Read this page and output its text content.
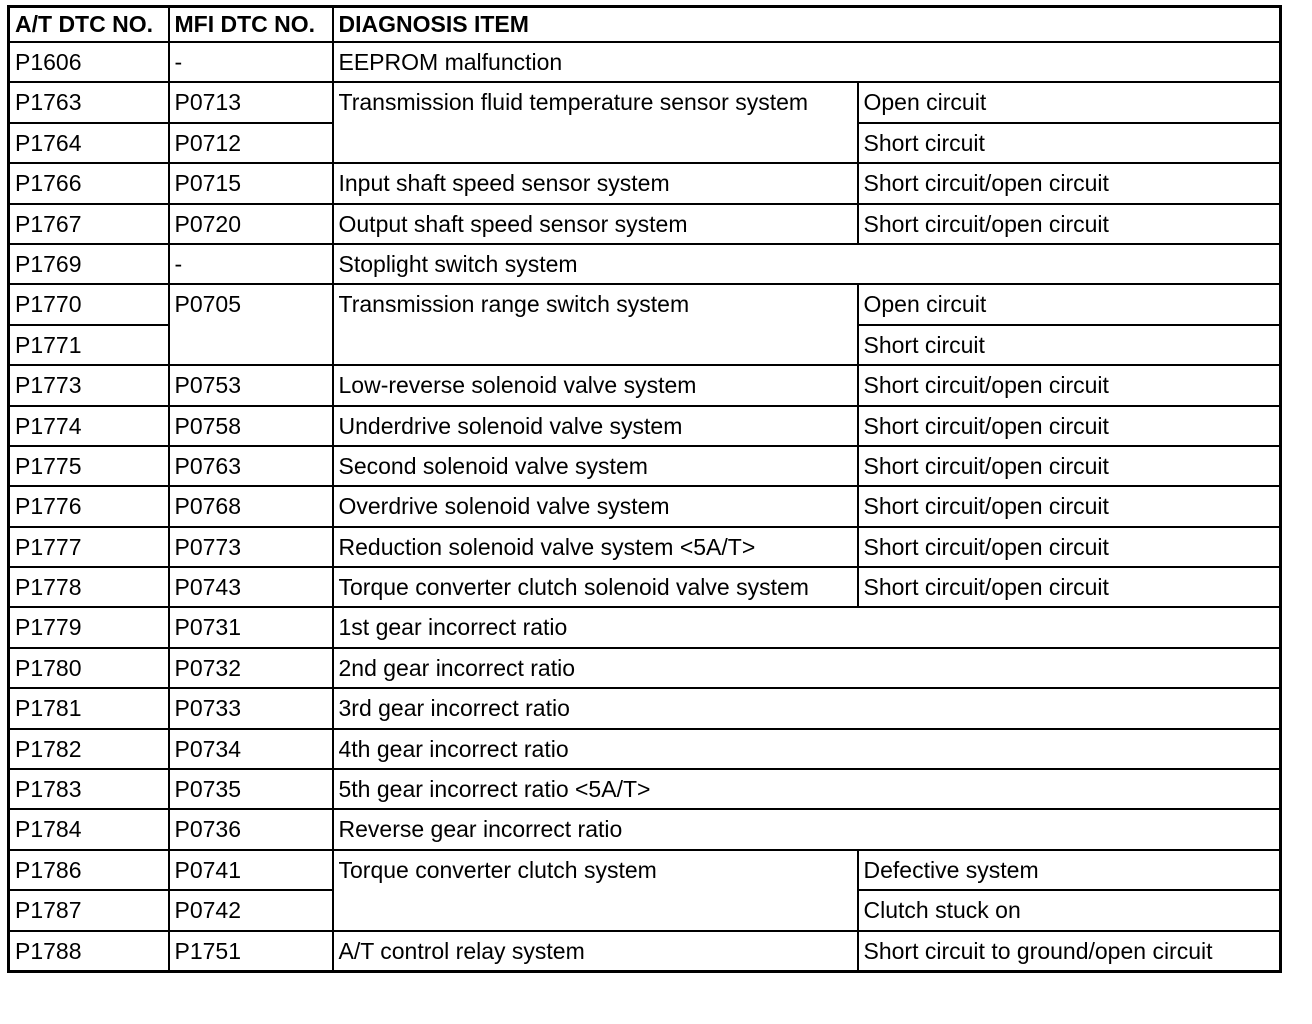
A/T DTC NO.	MFI DTC NO.	DIAGNOSIS ITEM	
P1606	-	EEPROM malfunction	
P1763	P0713	Transmission fluid temperature sensor system	Open circuit
P1764	P0712		Short circuit
P1766	P0715	Input shaft speed sensor system	Short circuit/open circuit
P1767	P0720	Output shaft speed sensor system	Short circuit/open circuit
P1769	-	Stoplight switch system	
P1770	P0705	Transmission range switch system	Open circuit
P1771			Short circuit
P1773	P0753	Low-reverse solenoid valve system	Short circuit/open circuit
P1774	P0758	Underdrive solenoid valve system	Short circuit/open circuit
P1775	P0763	Second solenoid valve system	Short circuit/open circuit
P1776	P0768	Overdrive solenoid valve system	Short circuit/open circuit
P1777	P0773	Reduction solenoid valve system <5A/T>	Short circuit/open circuit
P1778	P0743	Torque converter clutch solenoid valve system	Short circuit/open circuit
P1779	P0731	1st gear incorrect ratio	
P1780	P0732	2nd gear incorrect ratio	
P1781	P0733	3rd gear incorrect ratio	
P1782	P0734	4th gear incorrect ratio	
P1783	P0735	5th gear incorrect ratio <5A/T>	
P1784	P0736	Reverse gear incorrect ratio	
P1786	P0741	Torque converter clutch system	Defective system
P1787	P0742		Clutch stuck on
P1788	P1751	A/T control relay system	Short circuit to ground/open circuit
